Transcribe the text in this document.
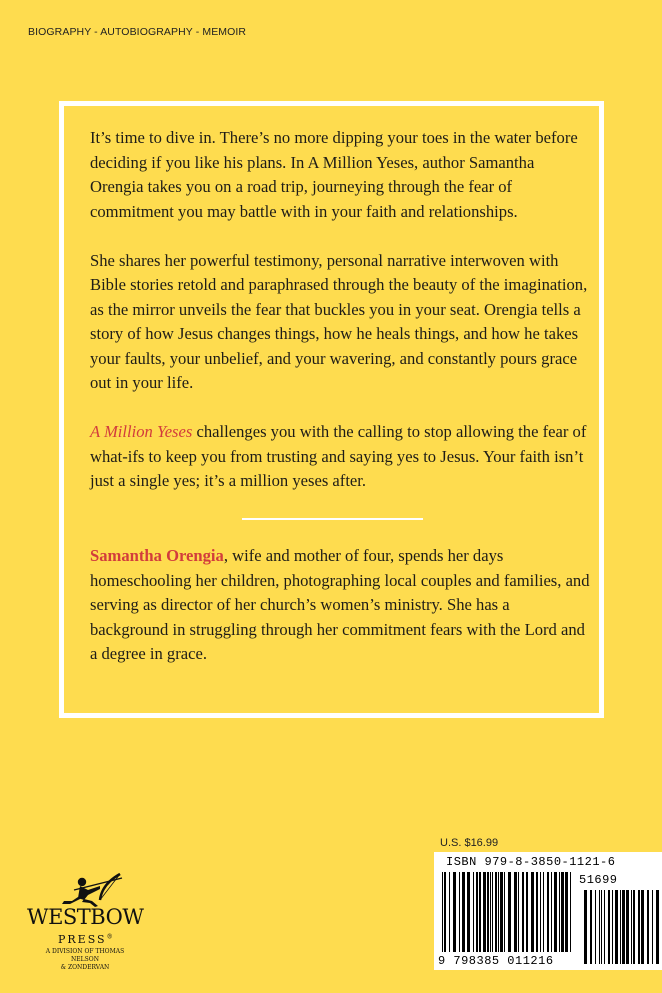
BIOGRAPHY - AUTOBIOGRAPHY - MEMOIR

It’s time to dive in. There’s no more dipping your toes in the water before deciding if you like his plans. In A Million Yeses, author Samantha Orengia takes you on a road trip, journeying through the fear of commitment you may battle with in your faith and relationships.

She shares her powerful testimony, personal narrative interwoven with Bible stories retold and paraphrased through the beauty of the imagination, as the mirror unveils the fear that buckles you in your seat. Orengia tells a story of how Jesus changes things, how he heals things, and how he takes your faults, your unbelief, and your wavering, and constantly pours grace out in your life.

A Million Yeses challenges you with the calling to stop allowing the fear of what-ifs to keep you from trusting and saying yes to Jesus. Your faith isn’t just a single yes; it’s a million yeses after.

Samantha Orengia, wife and mother of four, spends her days homeschooling her children, photographing local couples and families, and serving as director of her church’s women’s ministry. She has a background in struggling through her commitment fears with the Lord and a degree in grace.

U.S. $16.99
ISBN 979-8-3850-1121-6
51699
9 798385 011216
WESTBOW
PRESS®
A DIVISION OF THOMAS NELSON
& ZONDERVAN
